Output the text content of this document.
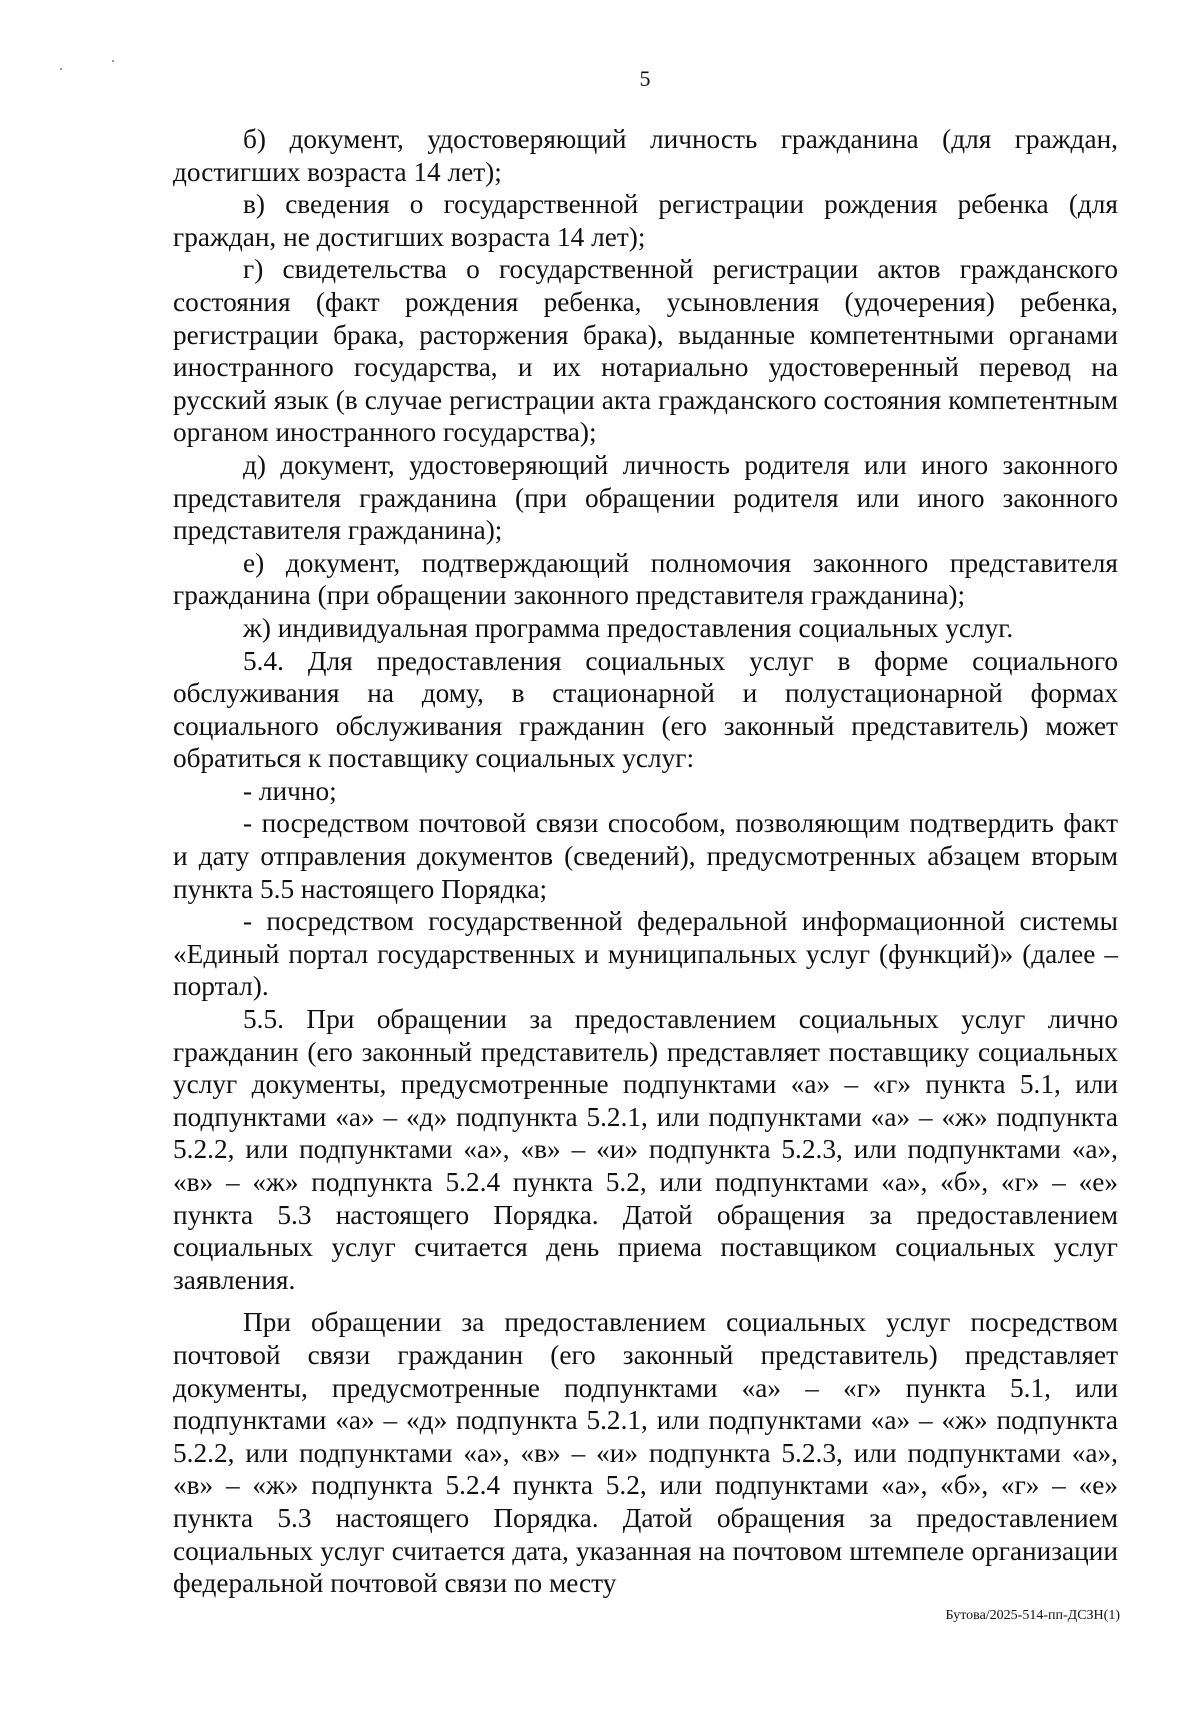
5

б) документ, удостоверяющий личность гражданина (для граждан, достигших возраста 14 лет);

в) сведения о государственной регистрации рождения ребенка (для граждан, не достигших возраста 14 лет);

г) свидетельства о государственной регистрации актов гражданского состояния (факт рождения ребенка, усыновления (удочерения) ребенка, регистрации брака, расторжения брака), выданные компетентными органами иностранного государства, и их нотариально удостоверенный перевод на русский язык (в случае регистрации акта гражданского состояния компетентным органом иностранного государства);

д) документ, удостоверяющий личность родителя или иного законного представителя гражданина (при обращении родителя или иного законного представителя гражданина);

е) документ, подтверждающий полномочия законного представителя гражданина (при обращении законного представителя гражданина);

ж) индивидуальная программа предоставления социальных услуг.

5.4. Для предоставления социальных услуг в форме социального обслуживания на дому, в стационарной и полустационарной формах социального обслуживания гражданин (его законный представитель) может обратиться к поставщику социальных услуг:

- лично;

- посредством почтовой связи способом, позволяющим подтвердить факт и дату отправления документов (сведений), предусмотренных абзацем вторым пункта 5.5 настоящего Порядка;

- посредством государственной федеральной информационной системы «Единый портал государственных и муниципальных услуг (функций)» (далее – портал).

5.5. При обращении за предоставлением социальных услуг лично гражданин (его законный представитель) представляет поставщику социальных услуг документы, предусмотренные подпунктами «а» – «г» пункта 5.1, или подпунктами «а» – «д» подпункта 5.2.1, или подпунктами «а» – «ж» подпункта 5.2.2, или подпунктами «а», «в» – «и» подпункта 5.2.3, или подпунктами «а», «в» – «ж» подпункта 5.2.4 пункта 5.2, или подпунктами «а», «б», «г» – «е» пункта 5.3 настоящего Порядка. Датой обращения за предоставлением социальных услуг считается день приема поставщиком социальных услуг заявления.

При обращении за предоставлением социальных услуг посредством почтовой связи гражданин (его законный представитель) представляет документы, предусмотренные подпунктами «а» – «г» пункта 5.1, или подпунктами «а» – «д» подпункта 5.2.1, или подпунктами «а» – «ж» подпункта 5.2.2, или подпунктами «а», «в» – «и» подпункта 5.2.3, или подпунктами «а», «в» – «ж» подпункта 5.2.4 пункта 5.2, или подпунктами «а», «б», «г» – «е» пункта 5.3 настоящего Порядка. Датой обращения за предоставлением социальных услуг считается дата, указанная на почтовом штемпеле организации федеральной почтовой связи по месту

Бутова/2025-514-пп-ДСЗН(1)
